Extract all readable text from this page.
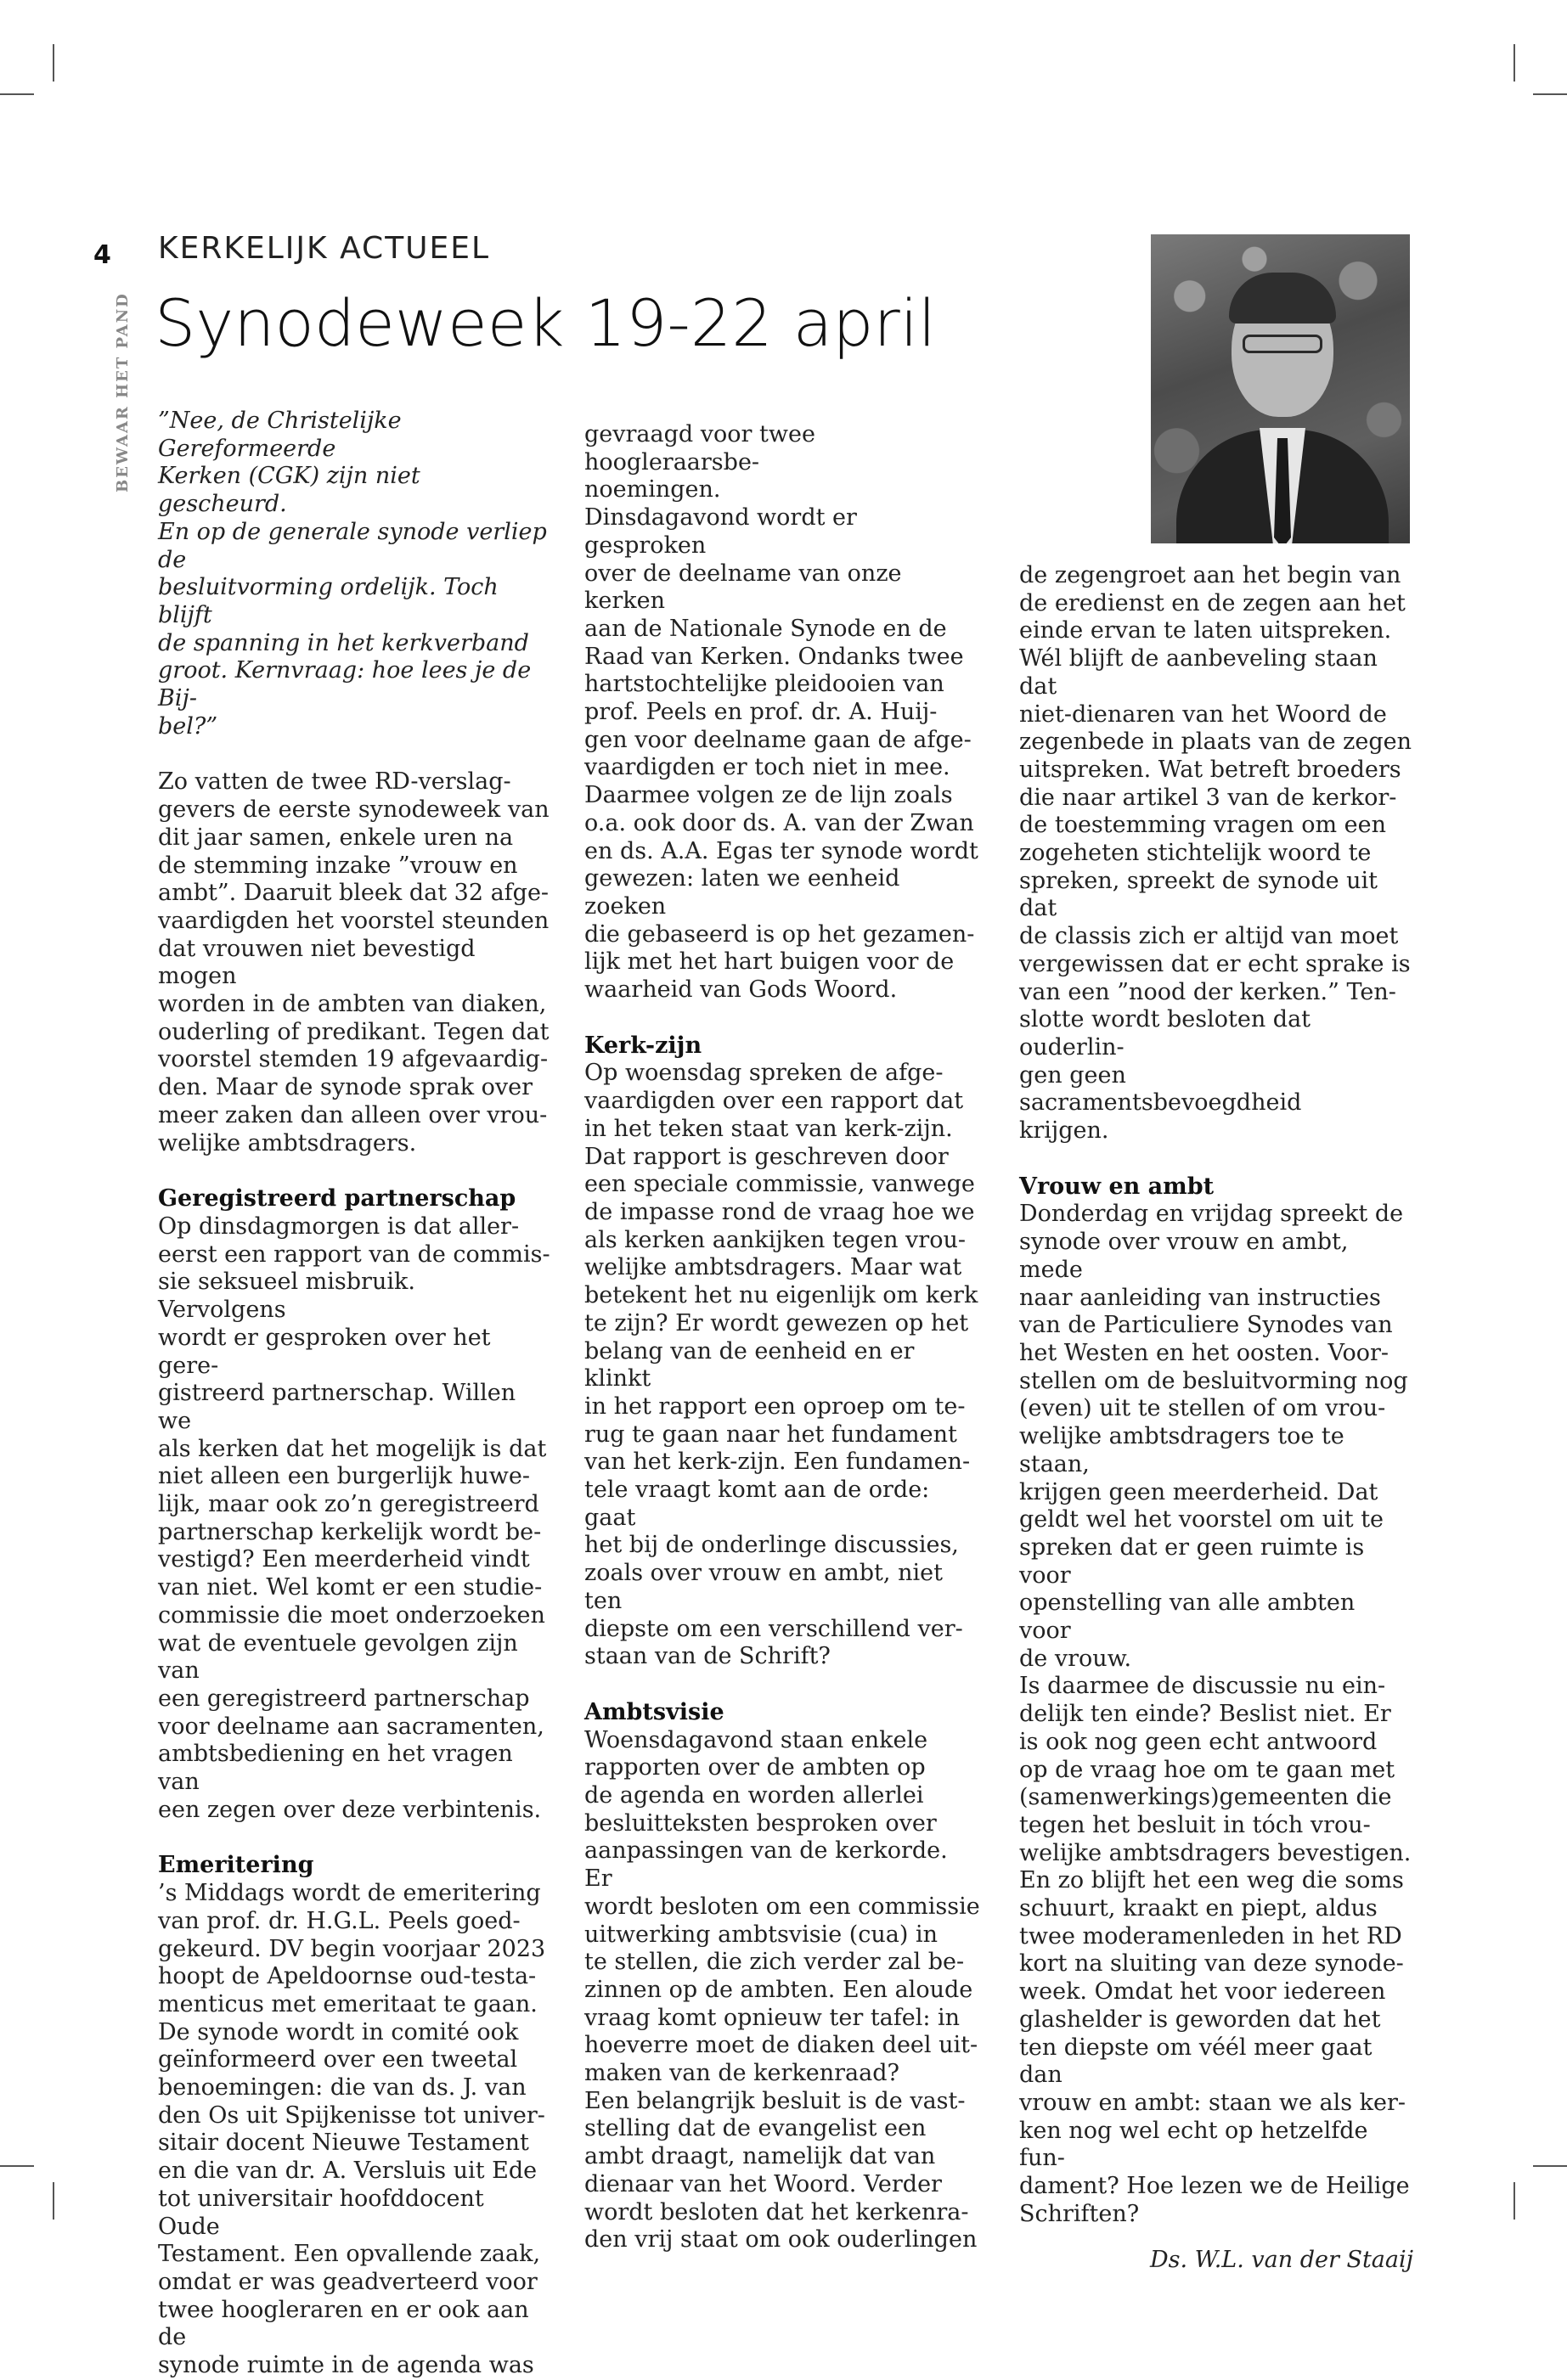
4
BEWAAR HET PAND
KERKELIJK ACTUEEL
Synodeweek 19-22 april
”Nee, de Christelijke Gereformeerde
Kerken (CGK) zijn niet gescheurd.
En op de generale synode verliep de
besluitvorming ordelijk. Toch blijft
de spanning in het kerkverband
groot. Kernvraag: hoe lees je de Bij-
bel?”
Zo vatten de twee RD-verslag-
gevers de eerste synodeweek van
dit jaar samen, enkele uren na
de stemming inzake ”vrouw en
ambt”. Daaruit bleek dat 32 afge-
vaardigden het voorstel steunden
dat vrouwen niet bevestigd mogen
worden in de ambten van diaken,
ouderling of predikant. Tegen dat
voorstel stemden 19 afgevaardig-
den. Maar de synode sprak over
meer zaken dan alleen over vrou-
welijke ambtsdragers.
Geregistreerd partnerschap
Op dinsdagmorgen is dat aller-
eerst een rapport van de commis-
sie seksueel misbruik. Vervolgens
wordt er gesproken over het gere-
gistreerd partnerschap. Willen we
als kerken dat het mogelijk is dat
niet alleen een burgerlijk huwe-
lijk, maar ook zo’n geregistreerd
partnerschap kerkelijk wordt be-
vestigd? Een meerderheid vindt
van niet. Wel komt er een studie-
commissie die moet onderzoeken
wat de eventuele gevolgen zijn van
een geregistreerd partnerschap
voor deelname aan sacramenten,
ambtsbediening en het vragen van
een zegen over deze verbintenis.
Emeritering
’s Middags wordt de emeritering
van prof. dr. H.G.L. Peels goed-
gekeurd. DV begin voorjaar 2023
hoopt de Apeldoornse oud-testa-
menticus met emeritaat te gaan.
De synode wordt in comité ook
geïnformeerd over een tweetal
benoemingen: die van ds. J. van
den Os uit Spijkenisse tot univer-
sitair docent Nieuwe Testament
en die van dr. A. Versluis uit Ede
tot universitair hoofddocent Oude
Testament. Een opvallende zaak,
omdat er was geadverteerd voor
twee hoogleraren en er ook aan de
synode ruimte in de agenda was
gevraagd voor twee hoogleraarsbe-
noemingen.
Dinsdagavond wordt er gesproken
over de deelname van onze kerken
aan de Nationale Synode en de
Raad van Kerken. Ondanks twee
hartstochtelijke pleidooien van
prof. Peels en prof. dr. A. Huij-
gen voor deelname gaan de afge-
vaardigden er toch niet in mee.
Daarmee volgen ze de lijn zoals
o.a. ook door ds. A. van der Zwan
en ds. A.A. Egas ter synode wordt
gewezen: laten we eenheid zoeken
die gebaseerd is op het gezamen-
lijk met het hart buigen voor de
waarheid van Gods Woord.
Kerk-zijn
Op woensdag spreken de afge-
vaardigden over een rapport dat
in het teken staat van kerk-zijn.
Dat rapport is geschreven door
een speciale commissie, vanwege
de impasse rond de vraag hoe we
als kerken aankijken tegen vrou-
welijke ambtsdragers. Maar wat
betekent het nu eigenlijk om kerk
te zijn? Er wordt gewezen op het
belang van de eenheid en er klinkt
in het rapport een oproep om te-
rug te gaan naar het fundament
van het kerk-zijn. Een fundamen-
tele vraagt komt aan de orde: gaat
het bij de onderlinge discussies,
zoals over vrouw en ambt, niet ten
diepste om een verschillend ver-
staan van de Schrift?
Ambtsvisie
Woensdagavond staan enkele
rapporten over de ambten op
de agenda en worden allerlei
besluitteksten besproken over
aanpassingen van de kerkorde. Er
wordt besloten om een commissie
uitwerking ambtsvisie (cua) in
te stellen, die zich verder zal be-
zinnen op de ambten. Een aloude
vraag komt opnieuw ter tafel: in
hoeverre moet de diaken deel uit-
maken van de kerkenraad?
Een belangrijk besluit is de vast-
stelling dat de evangelist een
ambt draagt, namelijk dat van
dienaar van het Woord. Verder
wordt besloten dat het kerkenra-
den vrij staat om ook ouderlingen
de zegengroet aan het begin van
de eredienst en de zegen aan het
einde ervan te laten uitspreken.
Wél blijft de aanbeveling staan dat
niet-dienaren van het Woord de
zegenbede in plaats van de zegen
uitspreken. Wat betreft broeders
die naar artikel 3 van de kerkor-
de toestemming vragen om een
zogeheten stichtelijk woord te
spreken, spreekt de synode uit dat
de classis zich er altijd van moet
vergewissen dat er echt sprake is
van een ”nood der kerken.” Ten-
slotte wordt besloten dat ouderlin-
gen geen sacramentsbevoegdheid
krijgen.
Vrouw en ambt
Donderdag en vrijdag spreekt de
synode over vrouw en ambt, mede
naar aanleiding van instructies
van de Particuliere Synodes van
het Westen en het oosten. Voor-
stellen om de besluitvorming nog
(even) uit te stellen of om vrou-
welijke ambtsdragers toe te staan,
krijgen geen meerderheid. Dat
geldt wel het voorstel om uit te
spreken dat er geen ruimte is voor
openstelling van alle ambten voor
de vrouw.
Is daarmee de discussie nu ein-
delijk ten einde? Beslist niet. Er
is ook nog geen echt antwoord
op de vraag hoe om te gaan met
(samenwerkings)gemeenten die
tegen het besluit in tóch vrou-
welijke ambtsdragers bevestigen.
En zo blijft het een weg die soms
schuurt, kraakt en piept, aldus
twee moderamenleden in het RD
kort na sluiting van deze synode-
week. Omdat het voor iedereen
glashelder is geworden dat het
ten diepste om véél meer gaat dan
vrouw en ambt: staan we als ker-
ken nog wel echt op hetzelfde fun-
dament? Hoe lezen we de Heilige
Schriften?

Ds. W.L. van der Staaij
